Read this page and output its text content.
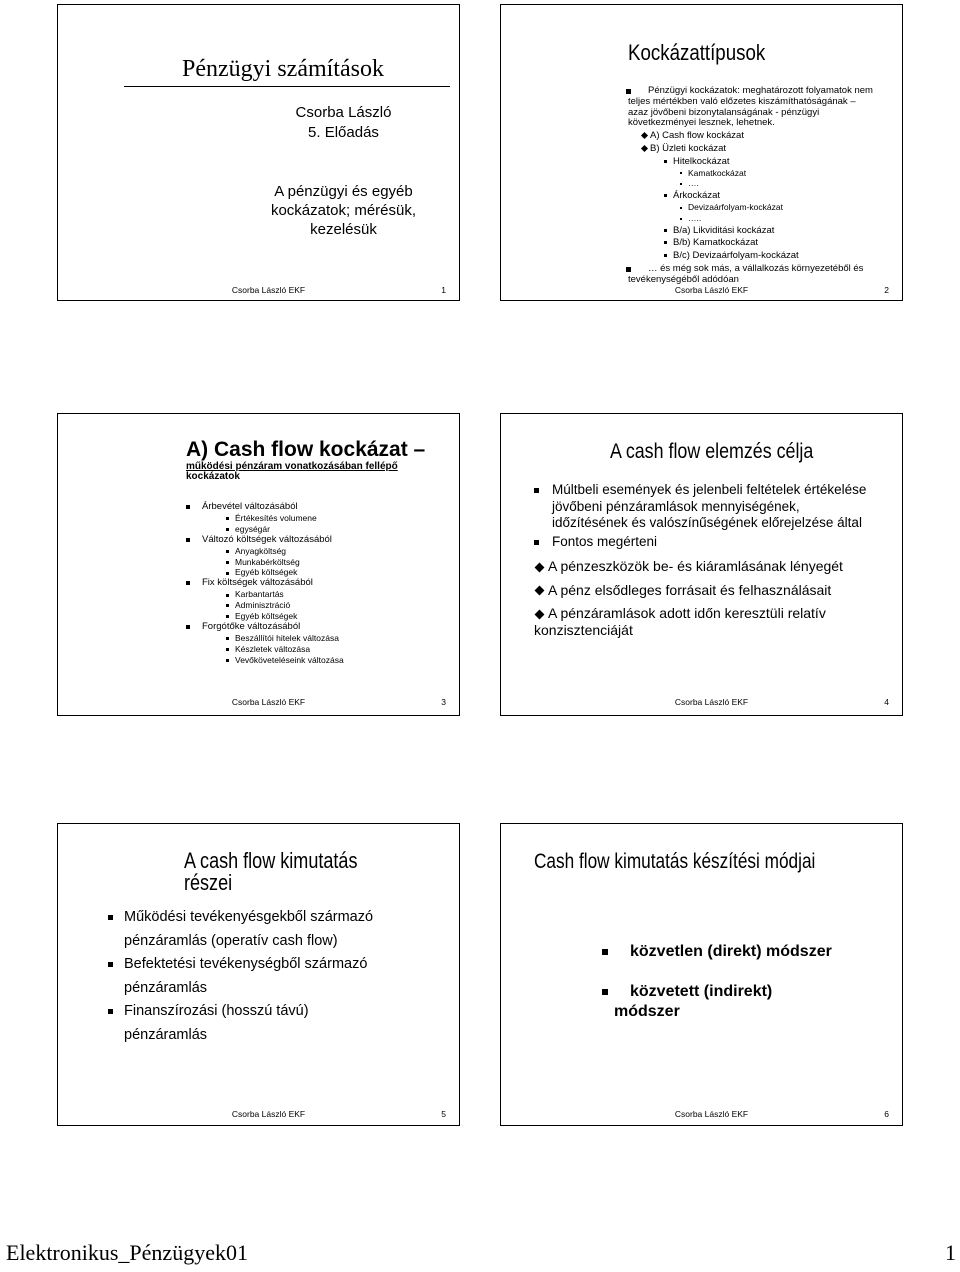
Pénzügyi számítások
Csorba László
5. Előadás
A pénzügyi és egyéb
kockázatok; mérésük,
kezelésük
Csorba László EKF	1
Kockázattípusok
Pénzügyi kockázatok: meghatározott folyamatok nem
teljes mértékben való előzetes kiszámíthatóságának –
azaz jövőbeni bizonytalanságának - pénzügyi
következményei lesznek, lehetnek.
A) Cash flow kockázat
B) Üzleti kockázat
Hitelkockázat
Kamatkockázat
….
Árkockázat
Devizaárfolyam-kockázat
…..
B/a) Likviditási kockázat
B/b) Kamatkockázat
B/c) Devizaárfolyam-kockázat
… és még sok más, a vállalkozás környezetéből és
tevékenységéből adódóan
Csorba László EKF	2
A) Cash flow kockázat –
működési pénzáram vonatkozásában fellépő
kockázatok
Árbevétel változásából
Értékesítés volumene
egységár
Változó költségek változásából
Anyagköltség
Munkabérköltség
Egyéb költségek
Fix költségek változásából
Karbantartás
Adminisztráció
Egyéb költségek
Forgótőke változásából
Beszállítói hitelek változása
Készletek változása
Vevőköveteléseink változása
Csorba László EKF	3
A cash flow elemzés célja
Múltbeli események és jelenbeli feltételek értékelése
jövőbeni pénzáramlások mennyiségének,
időzítésének és valószínűségének előrejelzése által
Fontos megérteni
A pénzeszközök be- és kiáramlásának lényegét
A pénz elsődleges forrásait és felhasználásait
A pénzáramlások adott időn keresztüli relatív
konzisztenciáját
Csorba László EKF	4
A cash flow kimutatás
részei
Működési tevékenyésgekből származó
pénzáramlás (operatív cash flow)
Befektetési tevékenységből származó
pénzáramlás
Finanszírozási (hosszú távú)
pénzáramlás
Csorba László EKF	5
Cash flow kimutatás készítési módjai
közvetlen (direkt) módszer
közvetett (indirekt)
módszer
Csorba László EKF	6
Elektronikus_Pénzügyek01	1
